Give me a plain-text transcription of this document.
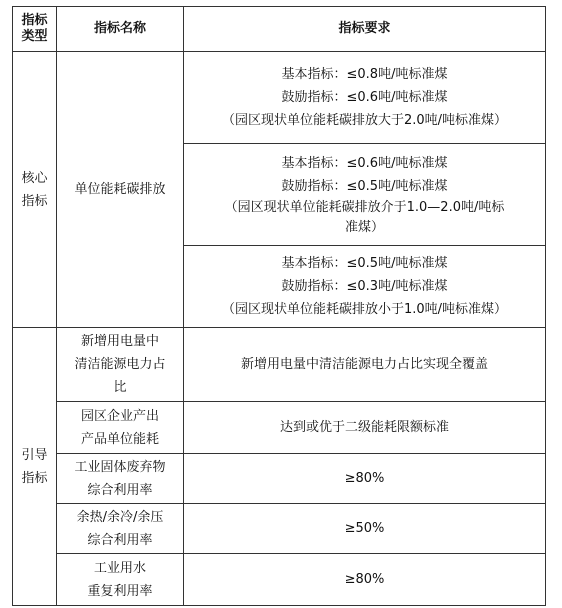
指标
类型	指标名称	指标要求

核心
指标	单位能耗碳排放	基本指标：≤0.8吨/吨标准煤
鼓励指标：≤0.6吨/吨标准煤
（园区现状单位能耗碳排放大于2.0吨/吨标准煤）

		基本指标：≤0.6吨/吨标准煤
鼓励指标：≤0.5吨/吨标准煤
（园区现状单位能耗碳排放介于1.0—2.0吨/吨标
准煤）

		基本指标：≤0.5吨/吨标准煤
鼓励指标：≤0.3吨/吨标准煤
（园区现状单位能耗碳排放小于1.0吨/吨标准煤）

引导
指标	新增用电量中
清洁能源电力占
比	新增用电量中清洁能源电力占比实现全覆盖

	园区企业产出
产品单位能耗	达到或优于二级能耗限额标准

	工业固体废弃物
综合利用率	≥80%

	余热/余冷/余压
综合利用率	≥50%

	工业用水
重复利用率	≥80%
